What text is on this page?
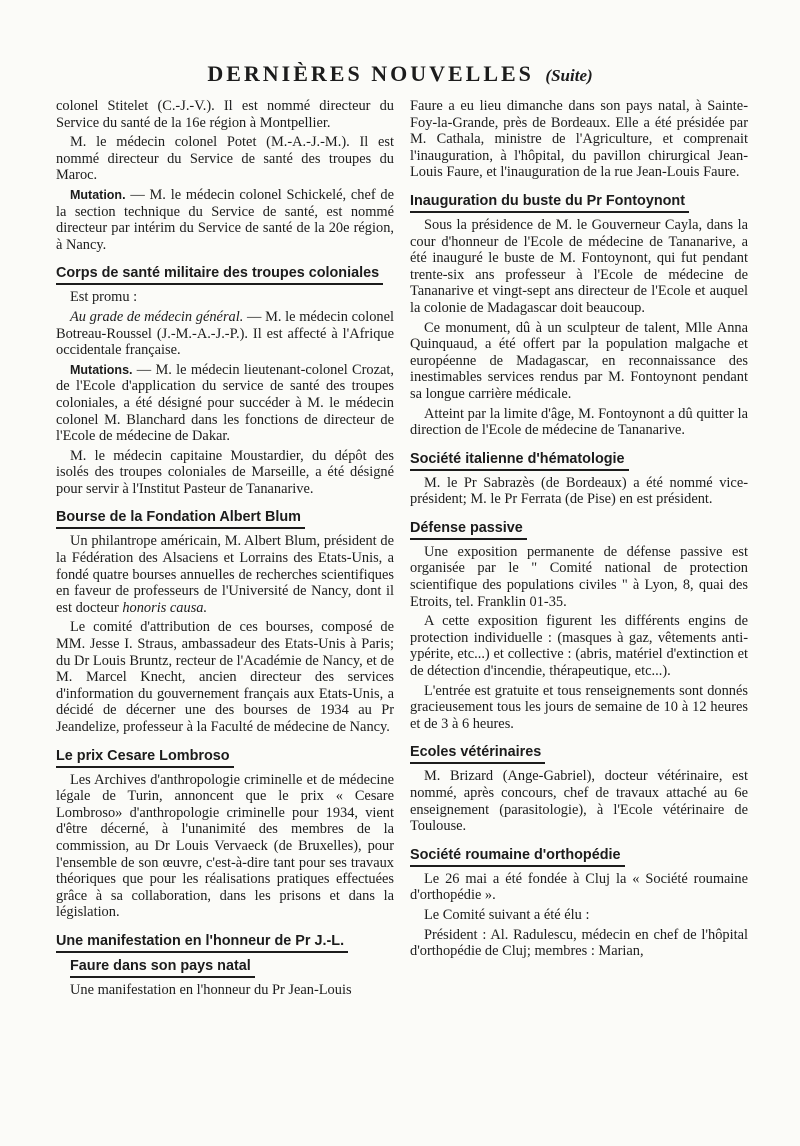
DERNIÈRES NOUVELLES (Suite)

colonel Stitelet (C.-J.-V.). Il est nommé directeur du Service du santé de la 16e région à Montpellier.

M. le médecin colonel Potet (M.-A.-J.-M.). Il est nommé directeur du Service de santé des troupes du Maroc.

Mutation. — M. le médecin colonel Schickelé, chef de la section technique du Service de santé, est nommé directeur par intérim du Service de santé de la 20e région, à Nancy.

Corps de santé militaire des troupes coloniales

Est promu :

Au grade de médecin général. — M. le médecin colonel Botreau-Roussel (J.-M.-A.-J.-P.). Il est affecté à l'Afrique occidentale française.

Mutations. — M. le médecin lieutenant-colonel Crozat, de l'Ecole d'application du service de santé des troupes coloniales, a été désigné pour succéder à M. le médecin colonel M. Blanchard dans les fonctions de directeur de l'Ecole de médecine de Dakar.

M. le médecin capitaine Moustardier, du dépôt des isolés des troupes coloniales de Marseille, a été désigné pour servir à l'Institut Pasteur de Tananarive.

Bourse de la Fondation Albert Blum

Un philantrope américain, M. Albert Blum, président de la Fédération des Alsaciens et Lorrains des Etats-Unis, a fondé quatre bourses annuelles de recherches scientifiques en faveur de professeurs de l'Université de Nancy, dont il est docteur honoris causa.

Le comité d'attribution de ces bourses, composé de MM. Jesse I. Straus, ambassadeur des Etats-Unis à Paris; du Dr Louis Bruntz, recteur de l'Académie de Nancy, et de M. Marcel Knecht, ancien directeur des services d'information du gouvernement français aux Etats-Unis, a décidé de décerner une des bourses de 1934 au Pr Jeandelize, professeur à la Faculté de médecine de Nancy.

Le prix Cesare Lombroso

Les Archives d'anthropologie criminelle et de médecine légale de Turin, annoncent que le prix « Cesare Lombroso» d'anthropologie criminelle pour 1934, vient d'être décerné, à l'unanimité des membres de la commission, au Dr Louis Vervaeck (de Bruxelles), pour l'ensemble de son œuvre, c'est-à-dire tant pour ses travaux théoriques que pour les réalisations pratiques effectuées grâce à sa collaboration, dans les prisons et dans la législation.

Une manifestation en l'honneur de Pr J.-L.
Faure dans son pays natal

Une manifestation en l'honneur du Pr Jean-Louis

Faure a eu lieu dimanche dans son pays natal, à Sainte-Foy-la-Grande, près de Bordeaux. Elle a été présidée par M. Cathala, ministre de l'Agriculture, et comprenait l'inauguration, à l'hôpital, du pavillon chirurgical Jean-Louis Faure, et l'inauguration de la rue Jean-Louis Faure.

Inauguration du buste du Pr Fontoynont

Sous la présidence de M. le Gouverneur Cayla, dans la cour d'honneur de l'Ecole de médecine de Tananarive, a été inauguré le buste de M. Fontoynont, qui fut pendant trente-six ans professeur à l'Ecole de médecine de Tananarive et vingt-sept ans directeur de l'Ecole et auquel la colonie de Madagascar doit beaucoup.

Ce monument, dû à un sculpteur de talent, Mlle Anna Quinquaud, a été offert par la population malgache et européenne de Madagascar, en reconnaissance des inestimables services rendus par M. Fontoynont pendant sa longue carrière médicale.

Atteint par la limite d'âge, M. Fontoynont a dû quitter la direction de l'Ecole de médecine de Tananarive.

Société italienne d'hématologie

M. le Pr Sabrazès (de Bordeaux) a été nommé vice-président; M. le Pr Ferrata (de Pise) en est président.

Défense passive

Une exposition permanente de défense passive est organisée par le " Comité national de protection scientifique des populations civiles " à Lyon, 8, quai des Etroits, tel. Franklin 01-35.

A cette exposition figurent les différents engins de protection individuelle : (masques à gaz, vêtements anti-ypérite, etc...) et collective : (abris, matériel d'extinction et de détection d'incendie, thérapeutique, etc...).

L'entrée est gratuite et tous renseignements sont donnés gracieusement tous les jours de semaine de 10 à 12 heures et de 3 à 6 heures.

Ecoles vétérinaires

M. Brizard (Ange-Gabriel), docteur vétérinaire, est nommé, après concours, chef de travaux attaché au 6e enseignement (parasitologie), à l'Ecole vétérinaire de Toulouse.

Société roumaine d'orthopédie

Le 26 mai a été fondée à Cluj la « Société roumaine d'orthopédie ».

Le Comité suivant a été élu :

Président : Al. Radulescu, médecin en chef de l'hôpital d'orthopédie de Cluj; membres : Marian,
